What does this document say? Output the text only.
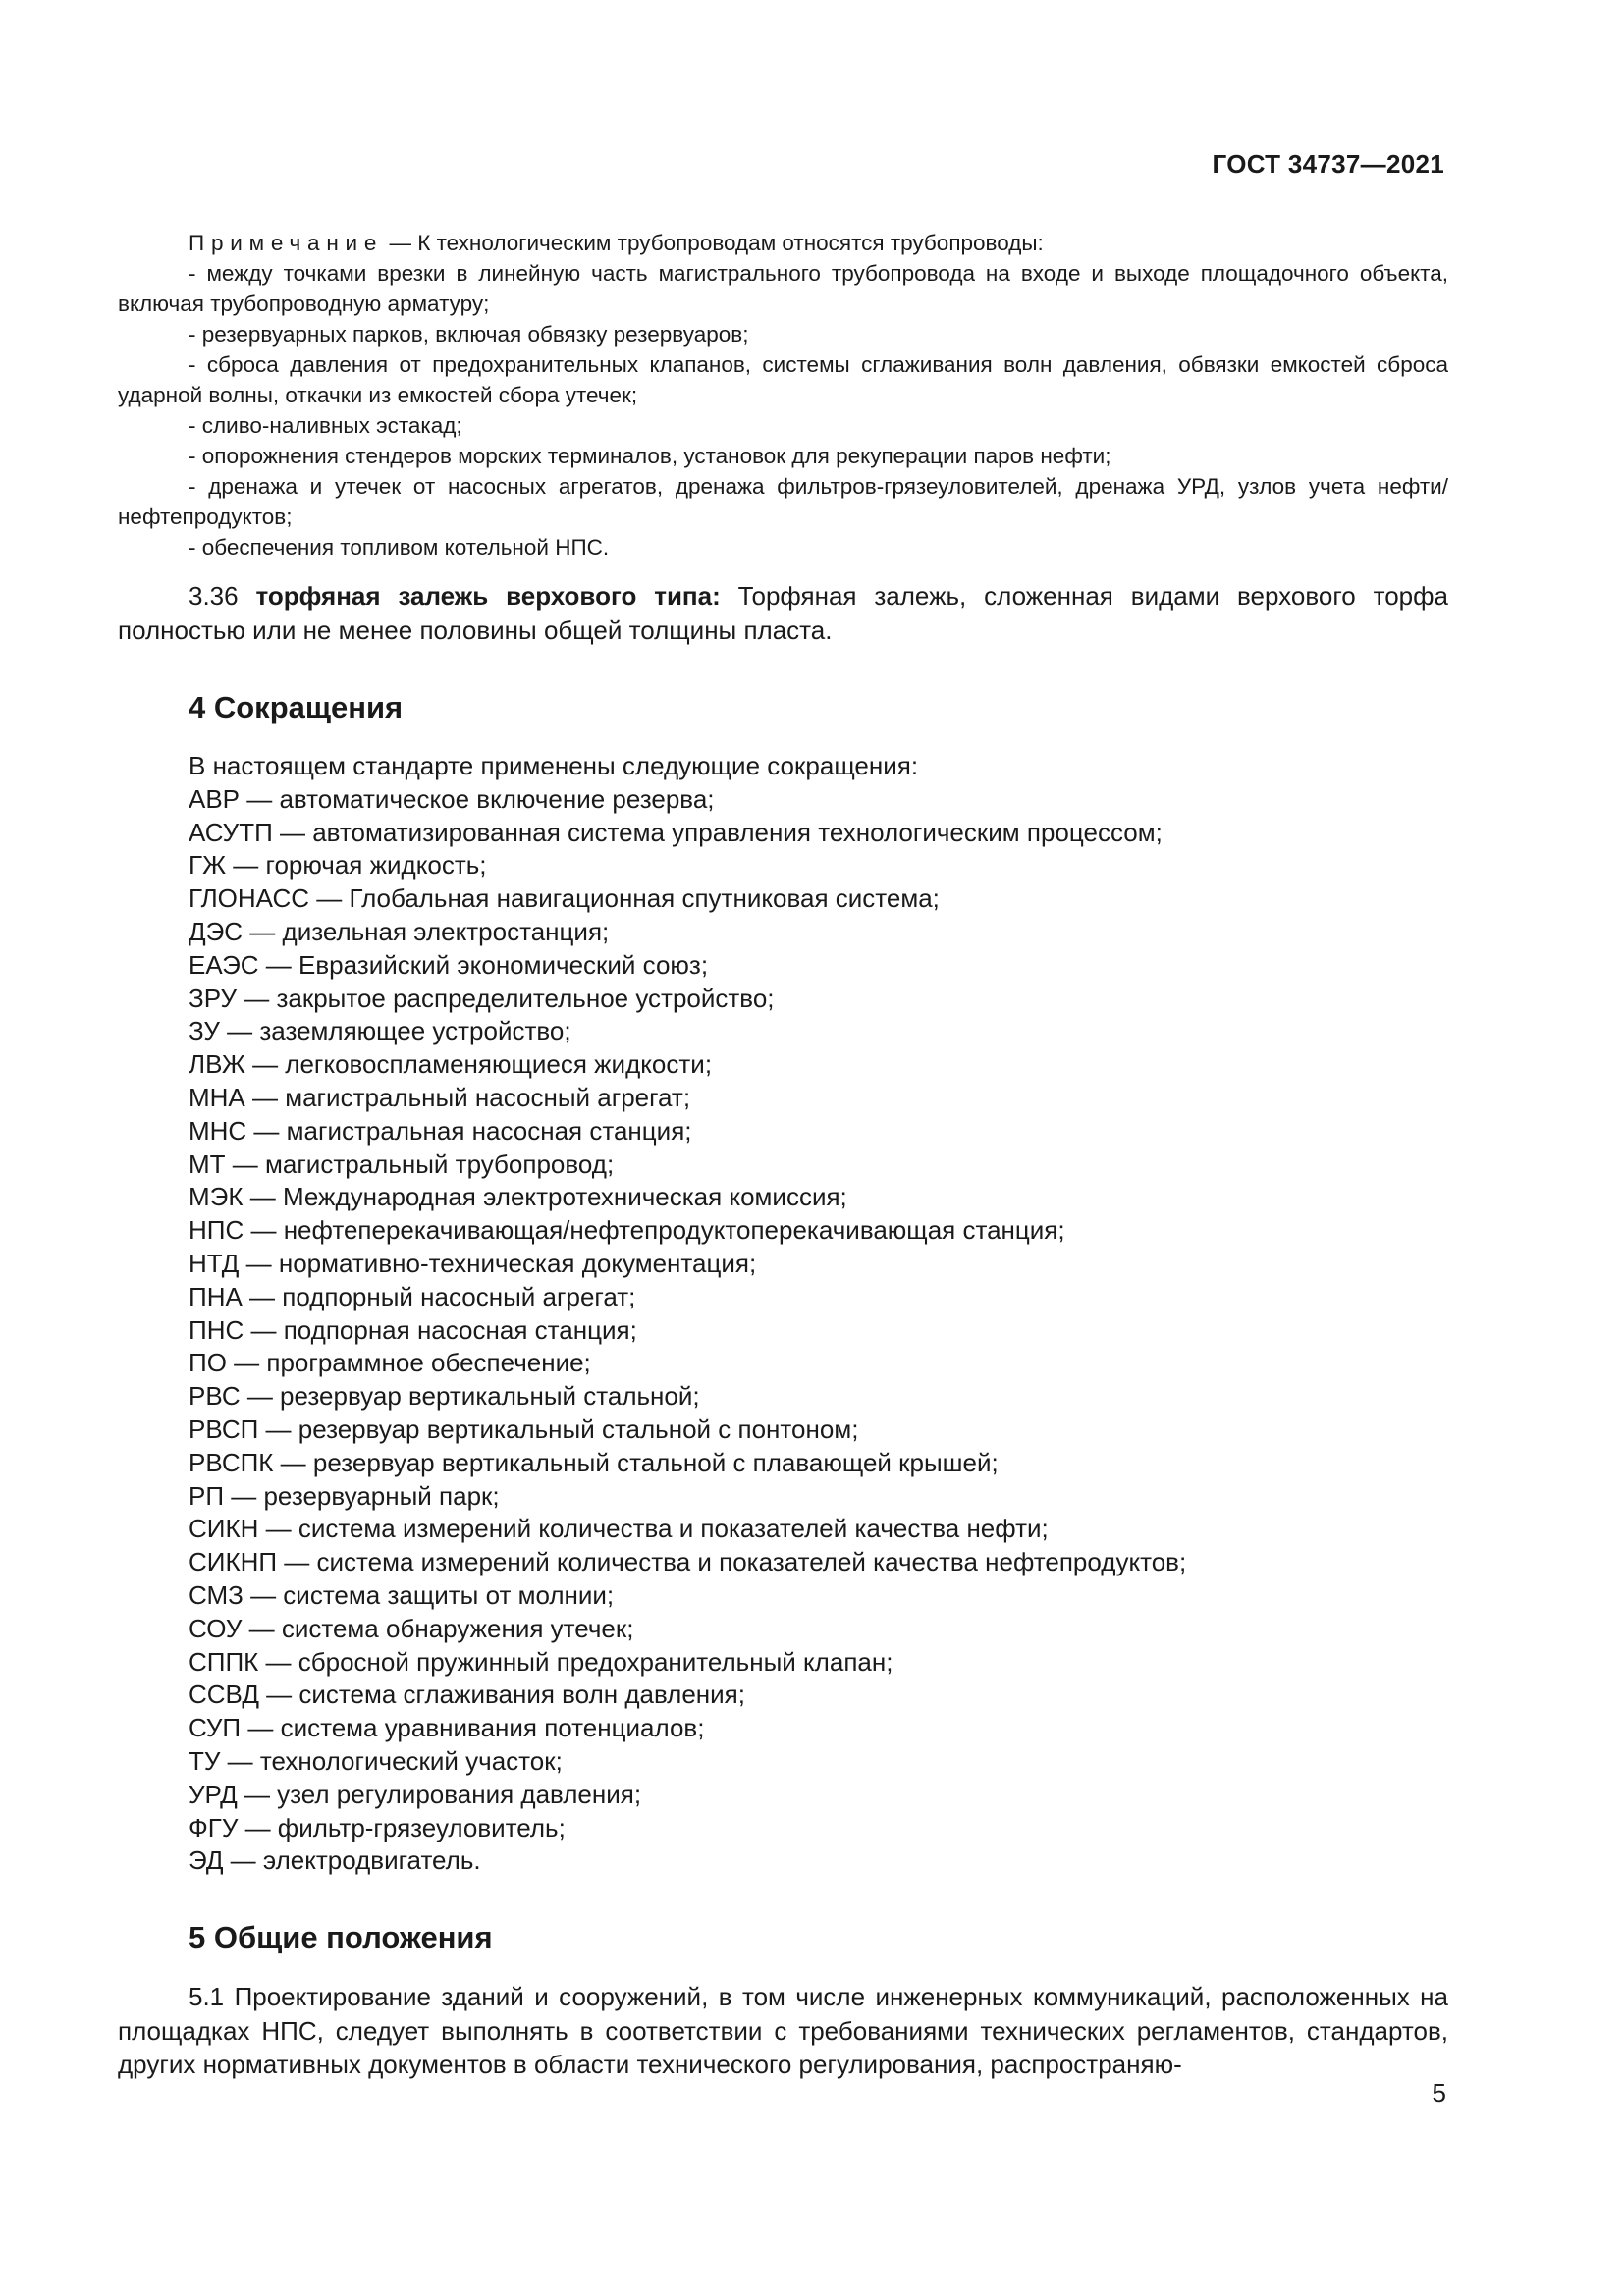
ГОСТ 34737—2021

Примечание — К технологическим трубопроводам относятся трубопроводы:

- между точками врезки в линейную часть магистрального трубопровода на входе и выходе площадочного объекта, включая трубопроводную арматуру;

- резервуарных парков, включая обвязку резервуаров;

- сброса давления от предохранительных клапанов, системы сглаживания волн давления, обвязки емкостей сброса ударной волны, откачки из емкостей сбора утечек;

- сливо-наливных эстакад;

- опорожнения стендеров морских терминалов, установок для рекуперации паров нефти;

- дренажа и утечек от насосных агрегатов, дренажа фильтров-грязеуловителей, дренажа УРД, узлов учета нефти/нефтепродуктов;

- обеспечения топливом котельной НПС.

3.36 торфяная залежь верхового типа: Торфяная залежь, сложенная видами верхового торфа полностью или не менее половины общей толщины пласта.

4 Сокращения
В настоящем стандарте применены следующие сокращения:
АВР — автоматическое включение резерва;
АСУТП — автоматизированная система управления технологическим процессом;
ГЖ — горючая жидкость;
ГЛОНАСС — Глобальная навигационная спутниковая система;
ДЭС — дизельная электростанция;
ЕАЭС — Евразийский экономический союз;
ЗРУ — закрытое распределительное устройство;
ЗУ — заземляющее устройство;
ЛВЖ — легковоспламеняющиеся жидкости;
МНА — магистральный насосный агрегат;
МНС — магистральная насосная станция;
МТ — магистральный трубопровод;
МЭК — Международная электротехническая комиссия;
НПС — нефтеперекачивающая/нефтепродуктоперекачивающая станция;
НТД — нормативно-техническая документация;
ПНА — подпорный насосный агрегат;
ПНС — подпорная насосная станция;
ПО — программное обеспечение;
РВС — резервуар вертикальный стальной;
РВСП — резервуар вертикальный стальной с понтоном;
РВСПК — резервуар вертикальный стальной с плавающей крышей;
РП — резервуарный парк;
СИКН — система измерений количества и показателей качества нефти;
СИКНП — система измерений количества и показателей качества нефтепродуктов;
СМЗ — система защиты от молнии;
СОУ — система обнаружения утечек;
СППК — сбросной пружинный предохранительный клапан;
ССВД — система сглаживания волн давления;
СУП — система уравнивания потенциалов;
ТУ — технологический участок;
УРД — узел регулирования давления;
ФГУ — фильтр-грязеуловитель;
ЭД — электродвигатель.
5 Общие положения

5.1 Проектирование зданий и сооружений, в том числе инженерных коммуникаций, расположенных на площадках НПС, следует выполнять в соответствии с требованиями технических регламентов, стандартов, других нормативных документов в области технического регулирования, распространяю-

5
